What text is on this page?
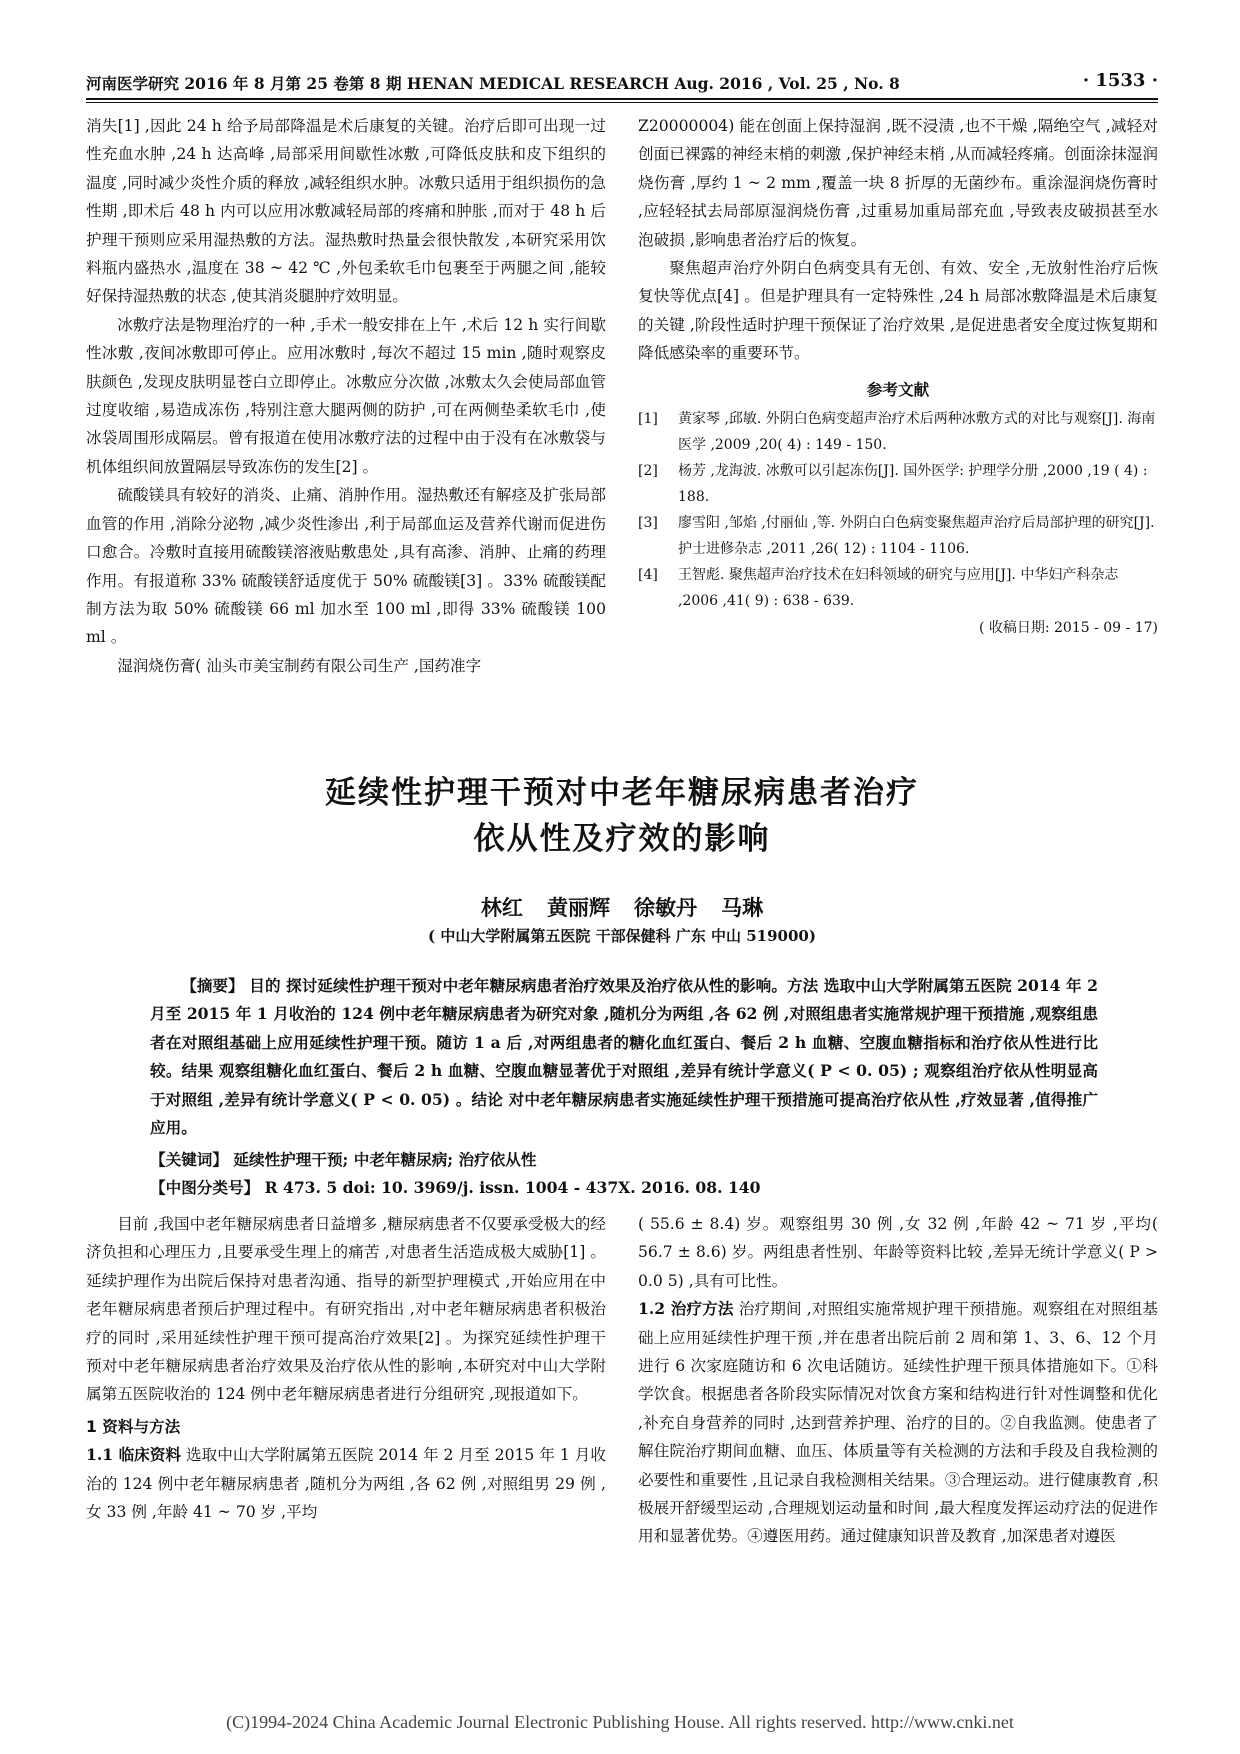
河南医学研究 2016 年 8 月第 25 卷第 8 期 HENAN MEDICAL RESEARCH Aug. 2016 , Vol. 25 , No. 8	· 1533 ·

消失[1] ,因此 24 h 给予局部降温是术后康复的关键。治疗后即可出现一过性充血水肿 ,24 h 达高峰 ,局部采用间歇性冰敷 ,可降低皮肤和皮下组织的温度 ,同时减少炎性介质的释放 ,减轻组织水肿。冰敷只适用于组织损伤的急性期 ,即术后 48 h 内可以应用冰敷减轻局部的疼痛和肿胀 ,而对于 48 h 后护理干预则应采用湿热敷的方法。湿热敷时热量会很快散发 ,本研究采用饮料瓶内盛热水 ,温度在 38 ~ 42 ℃ ,外包柔软毛巾包裹至于两腿之间 ,能较好保持湿热敷的状态 ,使其消炎腿肿疗效明显。

冰敷疗法是物理治疗的一种 ,手术一般安排在上午 ,术后 12 h 实行间歇性冰敷 ,夜间冰敷即可停止。应用冰敷时 ,每次不超过 15 min ,随时观察皮肤颜色 ,发现皮肤明显苍白立即停止。冰敷应分次做 ,冰敷太久会使局部血管过度收缩 ,易造成冻伤 ,特别注意大腿两侧的防护 ,可在两侧垫柔软毛巾 ,使冰袋周围形成隔层。曾有报道在使用冰敷疗法的过程中由于没有在冰敷袋与机体组织间放置隔层导致冻伤的发生[2] 。

硫酸镁具有较好的消炎、止痛、消肿作用。湿热敷还有解痉及扩张局部血管的作用 ,消除分泌物 ,减少炎性渗出 ,利于局部血运及营养代谢而促进伤口愈合。冷敷时直接用硫酸镁溶液贴敷患处 ,具有高渗、消肿、止痛的药理作用。有报道称 33% 硫酸镁舒适度优于 50% 硫酸镁[3] 。33% 硫酸镁配制方法为取 50% 硫酸镁 66 ml 加水至 100 ml ,即得 33% 硫酸镁 100 ml 。

湿润烧伤膏( 汕头市美宝制药有限公司生产 ,国药准字

Z20000004) 能在创面上保持湿润 ,既不浸渍 ,也不干燥 ,隔绝空气 ,减轻对创面已裸露的神经末梢的刺激 ,保护神经末梢 ,从而减轻疼痛。创面涂抹湿润烧伤膏 ,厚约 1 ~ 2 mm ,覆盖一块 8 折厚的无菌纱布。重涂湿润烧伤膏时 ,应轻轻拭去局部原湿润烧伤膏 ,过重易加重局部充血 ,导致表皮破损甚至水泡破损 ,影响患者治疗后的恢复。

聚焦超声治疗外阴白色病变具有无创、有效、安全 ,无放射性治疗后恢复快等优点[4] 。但是护理具有一定特殊性 ,24 h 局部冰敷降温是术后康复的关键 ,阶段性适时护理干预保证了治疗效果 ,是促进患者安全度过恢复期和降低感染率的重要环节。

参考文献
[1]	黄家琴 ,邱敏. 外阴白色病变超声治疗术后两种冰敷方式的对比与观察[J]. 海南医学 ,2009 ,20( 4) : 149 - 150.
[2]	杨芳 ,龙海波. 冰敷可以引起冻伤[J]. 国外医学: 护理学分册 ,2000 ,19 ( 4) : 188.
[3]	廖雪阳 ,邹焰 ,付丽仙 ,等. 外阴白白色病变聚焦超声治疗后局部护理的研究[J]. 护士进修杂志 ,2011 ,26( 12) : 1104 - 1106.
[4]	王智彪. 聚焦超声治疗技术在妇科领域的研究与应用[J]. 中华妇产科杂志 ,2006 ,41( 9) : 638 - 639.
( 收稿日期: 2015 - 09 - 17)
延续性护理干预对中老年糖尿病患者治疗
依从性及疗效的影响
林红 黄丽辉 徐敏丹 马琳
( 中山大学附属第五医院 干部保健科 广东 中山 519000)

【摘要】 目的 探讨延续性护理干预对中老年糖尿病患者治疗效果及治疗依从性的影响。方法 选取中山大学附属第五医院 2014 年 2 月至 2015 年 1 月收治的 124 例中老年糖尿病患者为研究对象 ,随机分为两组 ,各 62 例 ,对照组患者实施常规护理干预措施 ,观察组患者在对照组基础上应用延续性护理干预。随访 1 a 后 ,对两组患者的糖化血红蛋白、餐后 2 h 血糖、空腹血糖指标和治疗依从性进行比较。结果 观察组糖化血红蛋白、餐后 2 h 血糖、空腹血糖显著优于对照组 ,差异有统计学意义( P < 0. 05) ; 观察组治疗依从性明显高于对照组 ,差异有统计学意义( P < 0. 05) 。结论 对中老年糖尿病患者实施延续性护理干预措施可提高治疗依从性 ,疗效显著 ,值得推广应用。

【关键词】 延续性护理干预; 中老年糖尿病; 治疗依从性

【中图分类号】 R 473. 5 doi: 10. 3969/j. issn. 1004 - 437X. 2016. 08. 140

目前 ,我国中老年糖尿病患者日益增多 ,糖尿病患者不仅要承受极大的经济负担和心理压力 ,且要承受生理上的痛苦 ,对患者生活造成极大威胁[1] 。延续护理作为出院后保持对患者沟通、指导的新型护理模式 ,开始应用在中老年糖尿病患者预后护理过程中。有研究指出 ,对中老年糖尿病患者积极治疗的同时 ,采用延续性护理干预可提高治疗效果[2] 。为探究延续性护理干预对中老年糖尿病患者治疗效果及治疗依从性的影响 ,本研究对中山大学附属第五医院收治的 124 例中老年糖尿病患者进行分组研究 ,现报道如下。

1 资料与方法

1.1 临床资料 选取中山大学附属第五医院 2014 年 2 月至 2015 年 1 月收治的 124 例中老年糖尿病患者 ,随机分为两组 ,各 62 例 ,对照组男 29 例 ,女 33 例 ,年龄 41 ~ 70 岁 ,平均

( 55.6 ± 8.4) 岁。观察组男 30 例 ,女 32 例 ,年龄 42 ~ 71 岁 ,平均( 56.7 ± 8.6) 岁。两组患者性别、年龄等资料比较 ,差异无统计学意义( P > 0.0 5) ,具有可比性。

1.2 治疗方法 治疗期间 ,对照组实施常规护理干预措施。观察组在对照组基础上应用延续性护理干预 ,并在患者出院后前 2 周和第 1、3、6、12 个月进行 6 次家庭随访和 6 次电话随访。延续性护理干预具体措施如下。①科学饮食。根据患者各阶段实际情况对饮食方案和结构进行针对性调整和优化 ,补充自身营养的同时 ,达到营养护理、治疗的目的。②自我监测。使患者了解住院治疗期间血糖、血压、体质量等有关检测的方法和手段及自我检测的必要性和重要性 ,且记录自我检测相关结果。③合理运动。进行健康教育 ,积极展开舒缓型运动 ,合理规划运动量和时间 ,最大程度发挥运动疗法的促进作用和显著优势。④遵医用药。通过健康知识普及教育 ,加深患者对遵医

(C)1994-2024 China Academic Journal Electronic Publishing House. All rights reserved. http://www.cnki.net
